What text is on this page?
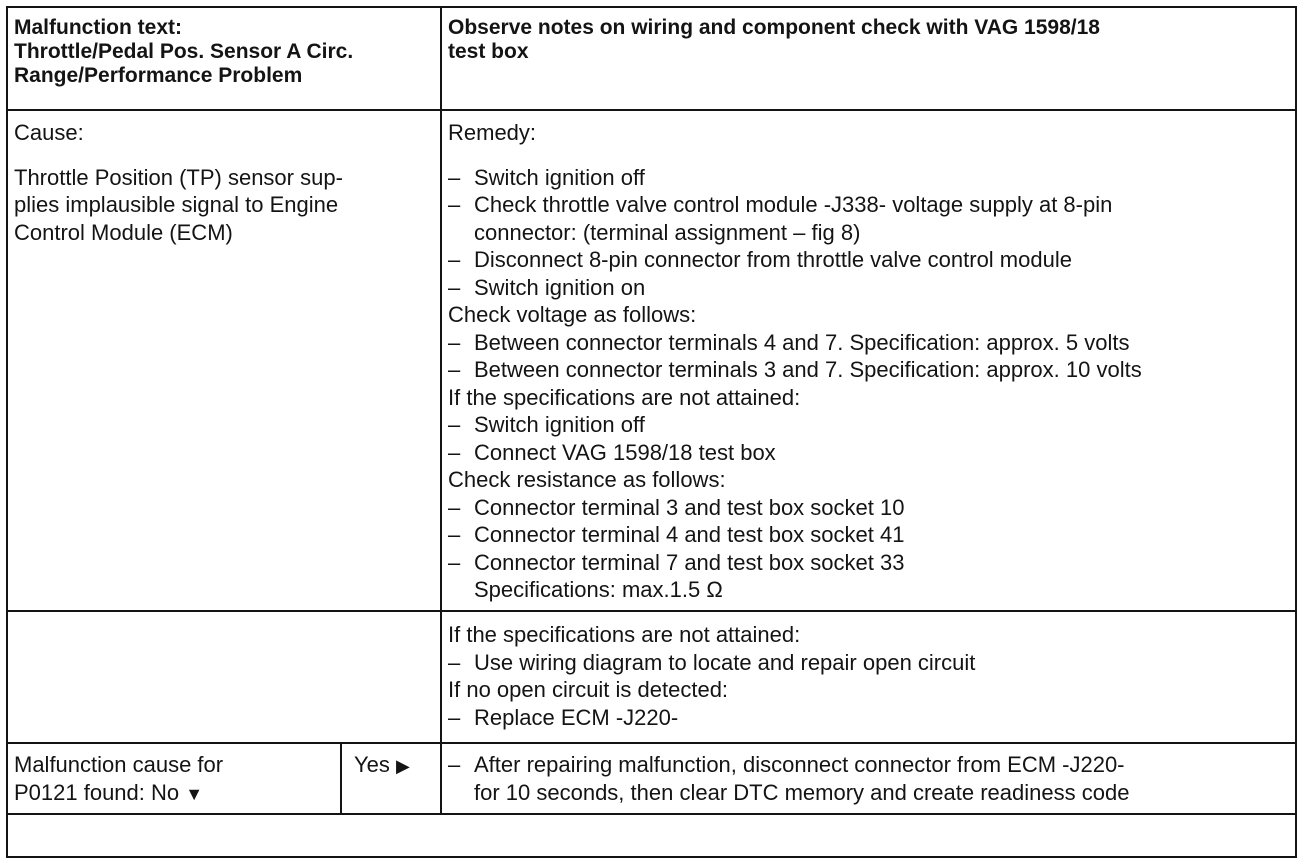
Malfunction text:
Throttle/Pedal Pos. Sensor A Circ.
Range/Performance Problem
Observe notes on wiring and component check with VAG 1598/18
test box
Cause:
Throttle Position (TP) sensor sup-
plies implausible signal to Engine
Control Module (ECM)
Remedy:
– Switch ignition off
– Check throttle valve control module -J338- voltage supply at 8-pin
connector: (terminal assignment – fig 8)
– Disconnect 8-pin connector from throttle valve control module
– Switch ignition on
Check voltage as follows:
– Between connector terminals 4 and 7. Specification: approx. 5 volts
– Between connector terminals 3 and 7. Specification: approx. 10 volts
If the specifications are not attained:
– Switch ignition off
– Connect VAG 1598/18 test box
Check resistance as follows:
– Connector terminal 3 and test box socket 10
– Connector terminal 4 and test box socket 41
– Connector terminal 7 and test box socket 33
Specifications: max.1.5 Ω
If the specifications are not attained:
– Use wiring diagram to locate and repair open circuit
If no open circuit is detected:
– Replace ECM -J220-
Malfunction cause for
P0121 found: No ▼
Yes ▶	– After repairing malfunction, disconnect connector from ECM -J220-
for 10 seconds, then clear DTC memory and create readiness code
